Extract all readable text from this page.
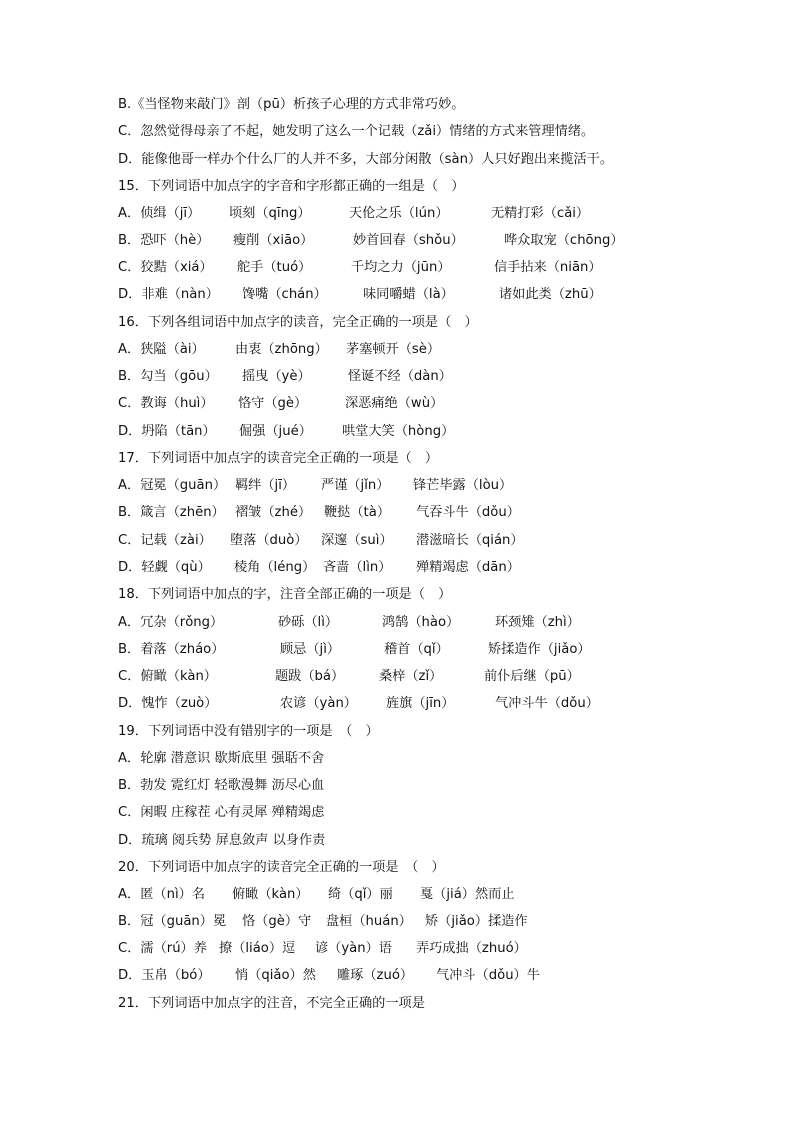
B.《当怪物来敲门》剖（pū）析孩子心理的方式非常巧妙。
C．忽然觉得母亲了不起，她发明了这么一个记载（zǎi）情绪的方式来管理情绪。
D．能像他哥一样办个什么厂的人并不多，大部分闲散（sàn）人只好跑出来揽活干。
15．下列词语中加点字的字音和字形都正确的一组是（　）
A．侦缉（jī） 顷刻（qīng）	天伦之乐（lún）	无精打彩（cǎi）
B．恐吓（hè） 瘦削（xiāo）	妙首回春（shǒu）	哗众取宠（chōng）
C．狡黠（xiá） 舵手（tuó）	千均之力（jūn）	信手拈来（niān）
D．非难（nàn） 馋嘴（chán）	味同嚼蜡（là）	诸如此类（zhū）
16．下列各组词语中加点字的读音，完全正确的一项是（　）
A．狭隘（ài） 由衷（zhōng） 茅塞顿开（sè）
B．勾当（gōu） 摇曳（yè）	怪诞不经（dàn）
C．教诲（huì） 恪守（gè）	深恶痛绝（wù）
D．坍陷（tān） 倔强（jué） 哄堂大笑（hòng）
17．下列词语中加点字的读音完全正确的一项是（　）
A．冠冕（guān） 羁绊（jī） 严谨（jǐn） 锋芒毕露（lòu）
B．箴言（zhēn） 褶皱（zhé） 鞭挞（tà） 气吞斗牛（dǒu）
C．记载（zài） 堕落（duò） 深邃（suì） 潜滋暗长（qián）
D．轻觑（qù） 棱角（léng） 吝啬（lìn） 殚精竭虑（dān）
18．下列词语中加点的字，注音全部正确的一项是（　）
A．冗杂（rǒng）	砂砾（lì）	鸿鹄（hào）	环颈雉（zhì）
B．着落（zháo）	顾忌（jì）	稽首（qǐ）	矫揉造作（jiǎo）
C．俯瞰（kàn）	题跋（bá）	桑梓（zǐ）	前仆后继（pū）
D．愧怍（zuò）	农谚（yàn） 旌旗（jīn）	气冲斗牛（dǒu）
19．下列词语中没有错别字的一项是　（　）
A．轮廓 潜意识 歇斯底里 强聒不舍
B．勃发 霓红灯 轻歌漫舞 沥尽心血
C．闲暇 庄稼茬 心有灵犀 殚精竭虑
D．琉璃 阅兵势 屏息敛声 以身作责
20．下列词语中加点字的读音完全正确的一项是　（　）
A．匿（nì）名 俯瞰（kàn） 绮（qǐ）丽 戛（jiá）然而止
B．冠（guān）冕 恪（gè）守 盘桓（huán） 矫（jiǎo）揉造作
C．濡（rú）养 撩（liáo）逗 谚（yàn）语 弄巧成拙（zhuó）
D．玉帛（bó） 悄（qiǎo）然 雕琢（zuó） 气冲斗（dǒu）牛
21．下列词语中加点字的注音，不完全正确的一项是
